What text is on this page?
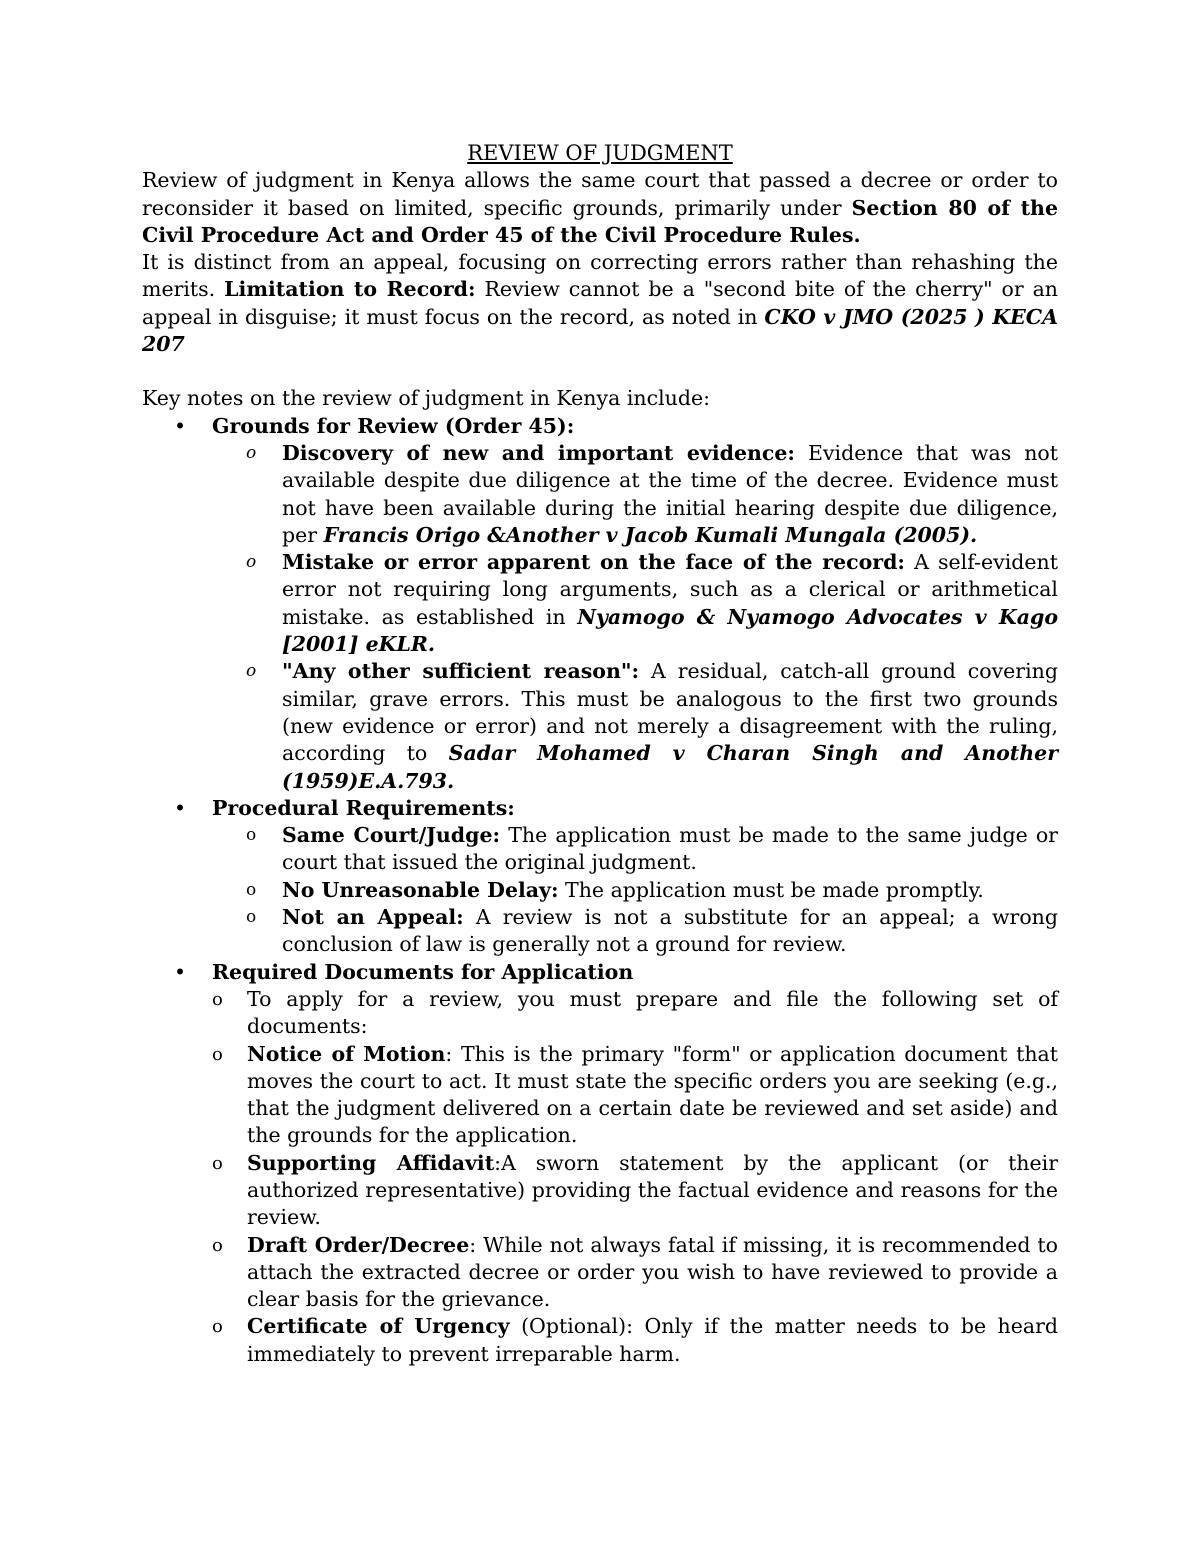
REVIEW OF JUDGMENT

Review of judgment in Kenya allows the same court that passed a decree or order to reconsider it based on limited, specific grounds, primarily under Section 80 of the Civil Procedure Act and Order 45 of the Civil Procedure Rules.

It is distinct from an appeal, focusing on correcting errors rather than rehashing the merits. Limitation to Record: Review cannot be a "second bite of the cherry" or an appeal in disguise; it must focus on the record, as noted in CKO v JMO (2025 ) KECA 207

Key notes on the review of judgment in Kenya include:

• Grounds for Review (Order 45):
o Discovery of new and important evidence: Evidence that was not available despite due diligence at the time of the decree. Evidence must not have been available during the initial hearing despite due diligence, per Francis Origo &Another v Jacob Kumali Mungala (2005).
o Mistake or error apparent on the face of the record: A self-evident error not requiring long arguments, such as a clerical or arithmetical mistake. as established in Nyamogo & Nyamogo Advocates v Kago [2001] eKLR.
o "Any other sufficient reason": A residual, catch-all ground covering similar, grave errors. This must be analogous to the first two grounds (new evidence or error) and not merely a disagreement with the ruling, according to Sadar Mohamed v Charan Singh and Another (1959)E.A.793.
• Procedural Requirements:
o Same Court/Judge: The application must be made to the same judge or court that issued the original judgment.
o No Unreasonable Delay: The application must be made promptly.
o Not an Appeal: A review is not a substitute for an appeal; a wrong conclusion of law is generally not a ground for review.
• Required Documents for Application
o To apply for a review, you must prepare and file the following set of documents:
o Notice of Motion: This is the primary "form" or application document that moves the court to act. It must state the specific orders you are seeking (e.g., that the judgment delivered on a certain date be reviewed and set aside) and the grounds for the application.
o Supporting Affidavit:A sworn statement by the applicant (or their authorized representative) providing the factual evidence and reasons for the review.
o Draft Order/Decree: While not always fatal if missing, it is recommended to attach the extracted decree or order you wish to have reviewed to provide a clear basis for the grievance.
o Certificate of Urgency (Optional): Only if the matter needs to be heard immediately to prevent irreparable harm.
